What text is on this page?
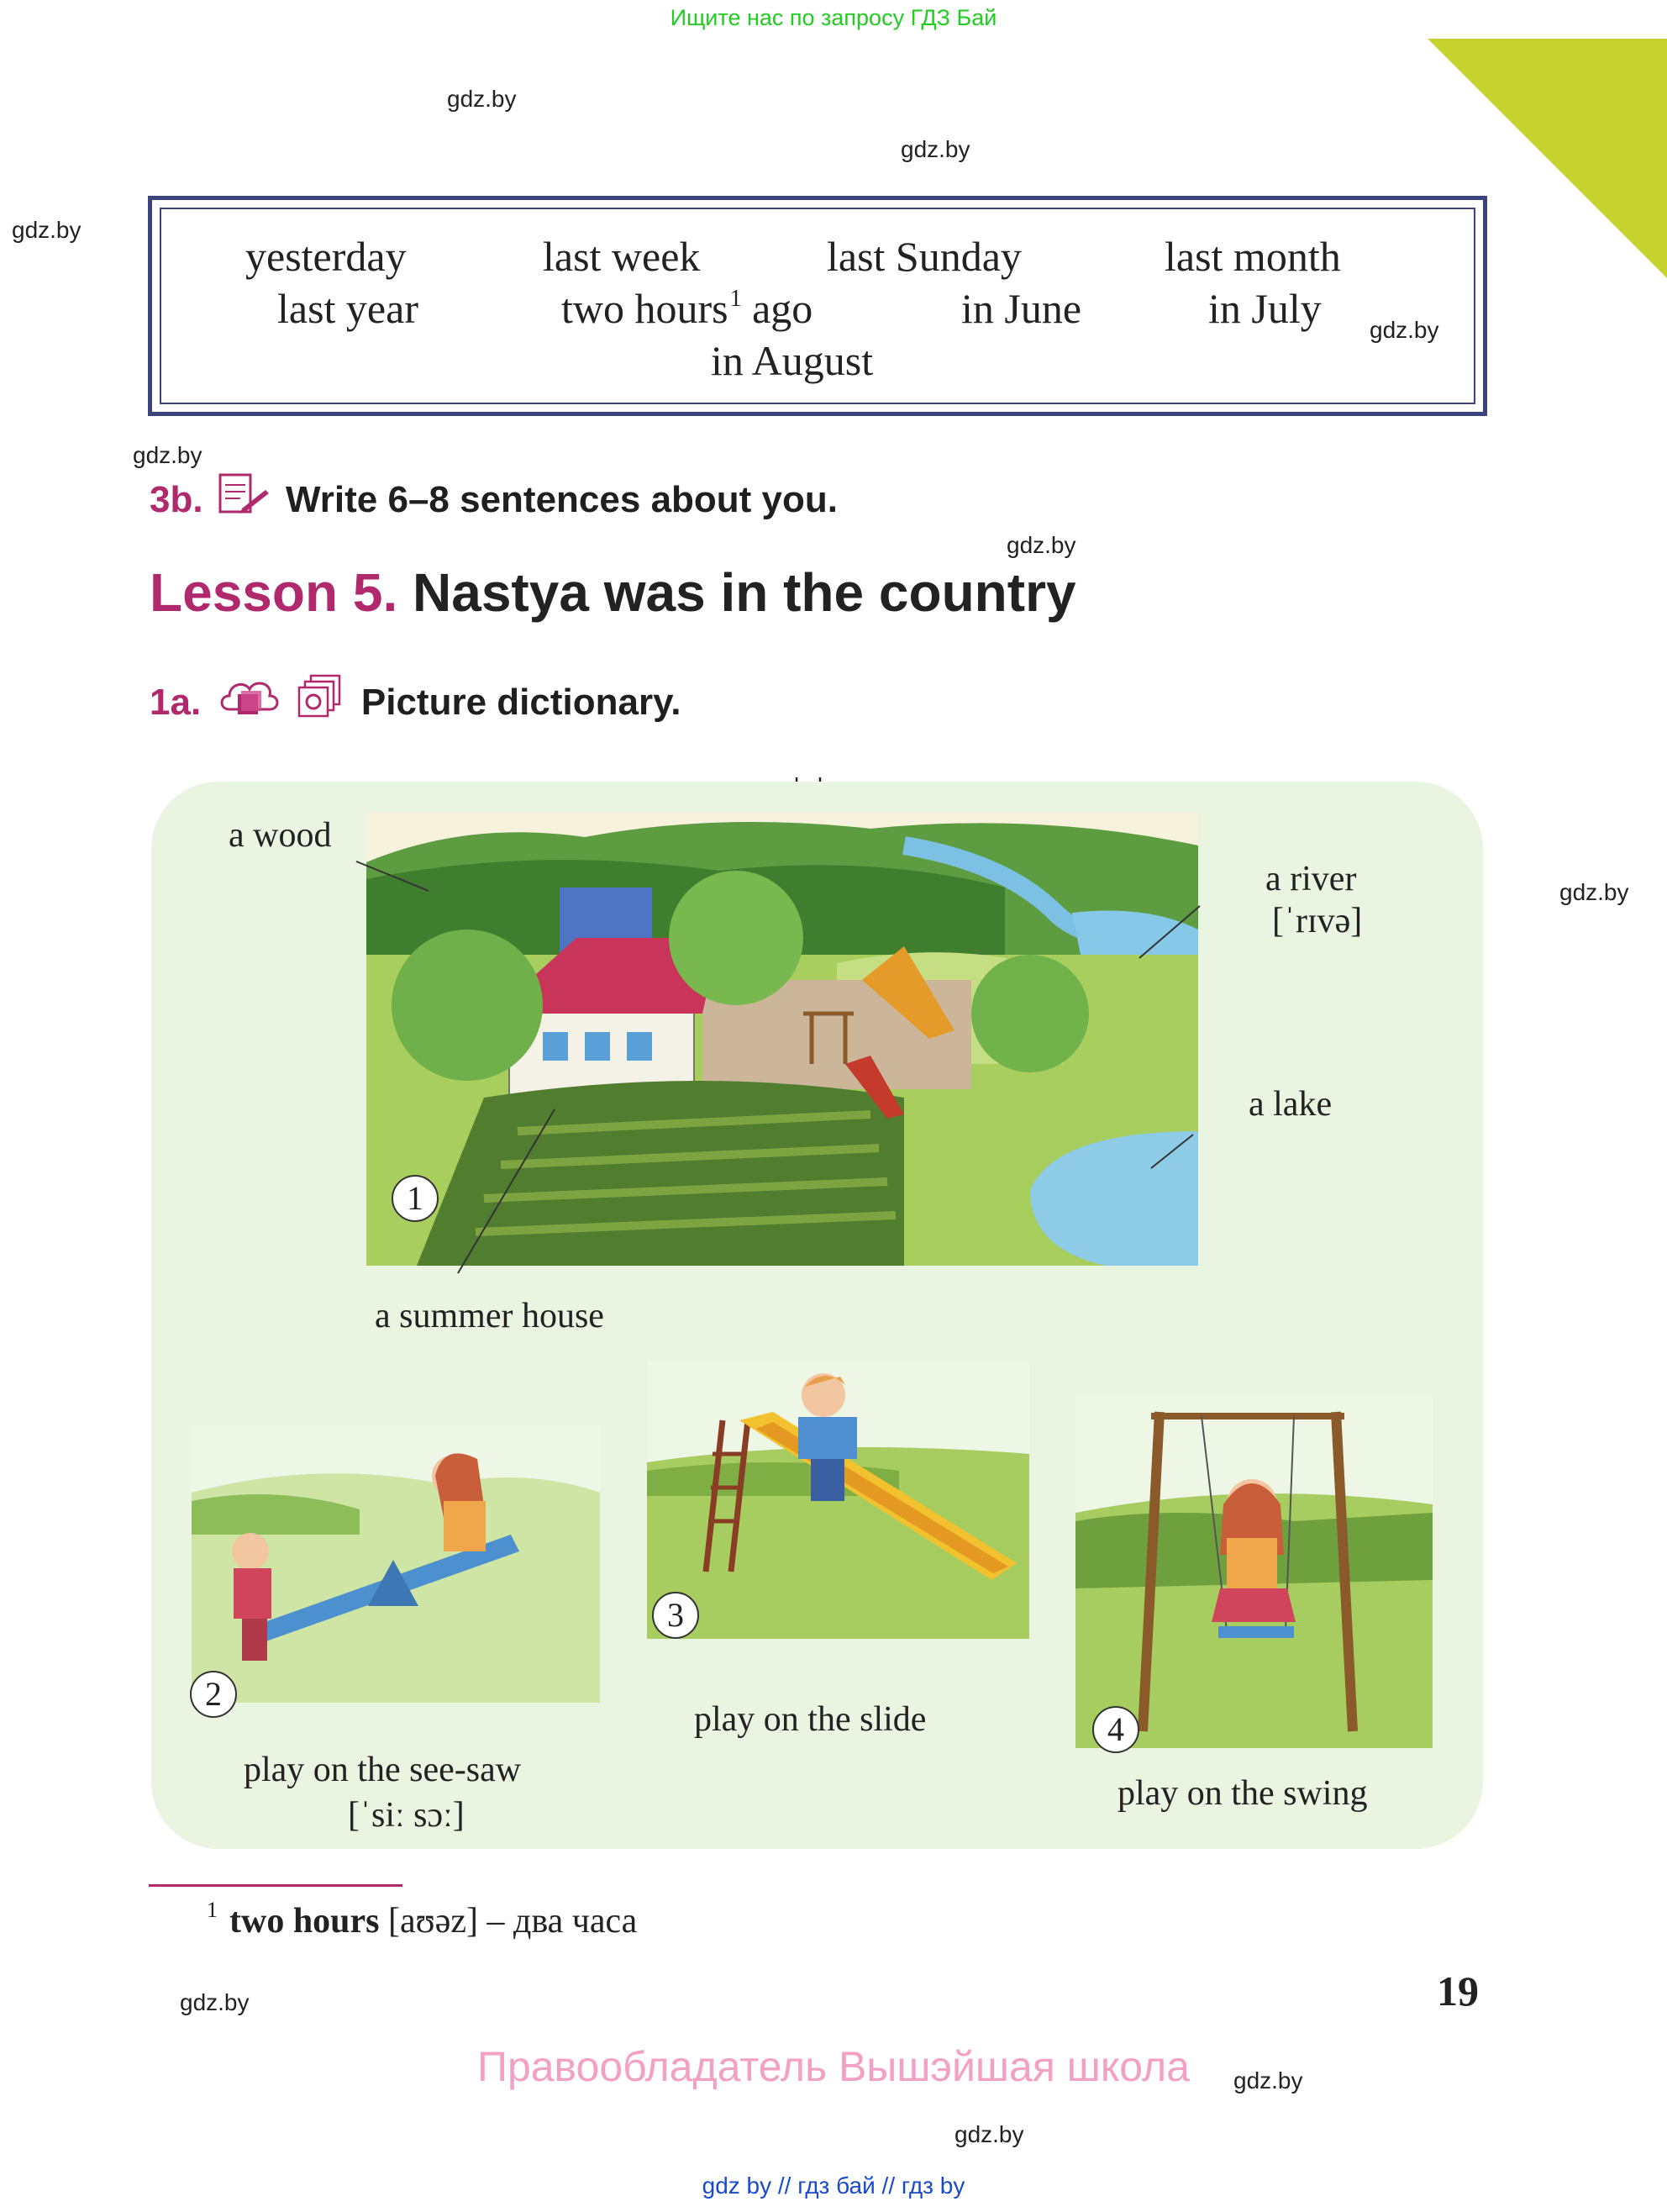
Ищите нас по запросу ГДЗ Бай
gdz.by
gdz.by
gdz.by
gdz.by
gdz.by
gdz.by
gdz.by
gdz.by
gdz.by
gdz.by
yesterday	last week	last Sunday	last month
last year	two hours$^1$ ago	in June	in July
in August
3b. Write 6–8 sentences about you.
Lesson 5. Nastya was in the country
1a.	Picture dictionary.
a wood
a river
[ˈrɪvə]
a lake
a summer house
1
2
3
4
play on the see-saw
[ˈsiː sɔː]
play on the slide
play on the swing
$^1$ two hours [aʊəz] – два часа
19
Правообладатель Вышэйшая школа
gdz by // гдз бай // гдз by
